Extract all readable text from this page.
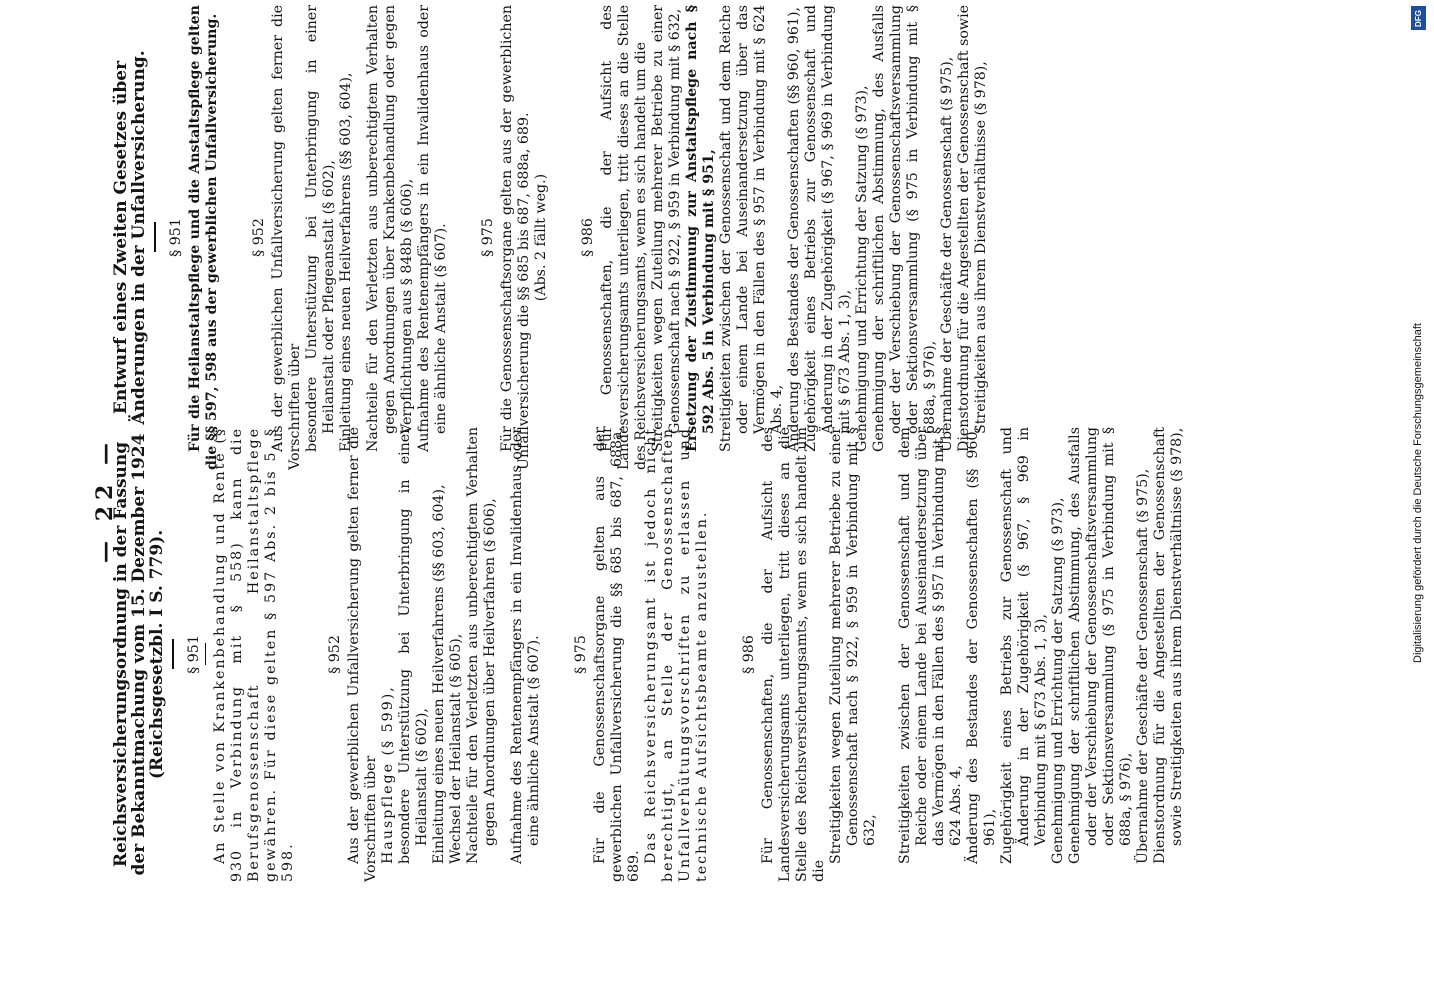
— 22 —
Reichsversicherungsordnung in der Fassung der Bekanntmachung vom 15. Dezember 1924 (Reichsgesetzbl. I S. 779). § 951 An Stelle von Krankenbehandlung und Rente (§ 930 in Verbindung mit § 558) kann die Berufsgenossenschaft Heilanstaltspflege gewähren. Für diese gelten § 597 Abs. 2 bis 5, § 598.

§ 952 Aus der gewerblichen Unfallversicherung gelten ferner die Vorschriften über Hauspflege (§ 599), besondere Unterstützung bei Unterbringung in einer Heilanstalt (§ 602), Einleitung eines neuen Heilverfahrens (§§ 603, 604), Wechsel der Heilanstalt (§ 605), Nachteile für den Verletzten aus unberechtigtem Verhalten gegen Anordnungen über Heilverfahren (§ 606), Aufnahme des Rentenempfängers in ein Invalidenhaus oder eine ähnliche Anstalt (§ 607). § 975 Für die Genossenschaftsorgane gelten aus der gewerblichen Unfallversicherung die §§ 685 bis 687, 688a, 689.

Das Reichsversicherungsamt ist jedoch nicht berechtigt, an Stelle der Genossenschaften Unfallverhütungsvorschriften zu erlassen und technische Aufsichtsbeamte anzustellen. § 986 Für Genossenschaften, die der Aufsicht des Landesversicherungsamts unterliegen, tritt dieses an die Stelle des Reichsversicherungsamts, wenn es sich handelt um die

Streitigkeiten wegen Zuteilung mehrerer Betriebe zu einer Genossenschaft nach § 922, § 959 in Verbindung mit § 632, Streitigkeiten zwischen der Genossenschaft und dem Reiche oder einem Lande bei Auseinandersetzung über das Vermögen in den Fällen des § 957 in Verbindung mit § 624 Abs. 4, Änderung des Bestandes der Genossenschaften (§§ 960, 961), Zugehörigkeit eines Betriebs zur Genossenschaft und Änderung in der Zugehörigkeit (§ 967, § 969 in Verbindung mit § 673 Abs. 1, 3), Genehmigung und Errichtung der Satzung (§ 973), Genehmigung der schriftlichen Abstimmung, des Ausfalls oder der Verschiebung der Genossenschaftsversammlung oder Sektionsversammlung (§ 975 in Verbindung mit § 688a, § 976), Übernahme der Geschäfte der Genossenschaft (§ 975), Dienstordnung für die Angestellten der Genossenschaft sowie Streitigkeiten aus ihrem Dienstverhältnisse (§ 978),

Entwurf eines Zweiten Gesetzes über Änderungen in der Unfallversicherung. § 951 Für die Heilanstaltspflege und die Anstaltspflege gelten die §§ 597, 598 aus der gewerblichen Unfallversicherung. § 952 Aus der gewerblichen Unfallversicherung gelten ferner die Vorschriften über besondere Unterstützung bei Unterbringung in einer Heilanstalt oder Pflegeanstalt (§ 602), Einleitung eines neuen Heilverfahrens (§§ 603, 604), Nachteile für den Verletzten aus unberechtigtem Verhalten gegen Anordnungen über Krankenbehandlung oder gegen Verpflichtungen aus § 848b (§ 606), Aufnahme des Rentenempfängers in ein Invalidenhaus oder eine ähnliche Anstalt (§ 607). § 975 Für die Genossenschaftsorgane gelten aus der gewerblichen Unfallversicherung die §§ 685 bis 687, 688a, 689. (Abs. 2 fällt weg.) § 986 Für Genossenschaften, die der Aufsicht des Landesversicherungsamts unterliegen, tritt dieses an die Stelle des Reichsversicherungsamts, wenn es sich handelt um die Streitigkeiten wegen Zuteilung mehrerer Betriebe zu einer Genossenschaft nach § 922, § 959 in Verbindung mit § 632, Ersetzung der Zustimmung zur Anstaltspflege nach § 592 Abs. 5 in Verbindung mit § 951, Streitigkeiten zwischen der Genossenschaft und dem Reiche oder einem Lande bei Auseinandersetzung über das Vermögen in den Fällen des § 957 in Verbindung mit § 624 Abs. 4, Änderung des Bestandes der Genossenschaften (§§ 960, 961), Zugehörigkeit eines Betriebs zur Genossenschaft und Änderung in der Zugehörigkeit (§ 967, § 969 in Verbindung mit § 673 Abs. 1, 3), Genehmigung und Errichtung der Satzung (§ 973), Genehmigung der schriftlichen Abstimmung, des Ausfalls oder der Verschiebung der Genossenschaftsversammlung oder Sektionsversammlung (§ 975 in Verbindung mit § 688a, § 976), Übernahme der Geschäfte der Genossenschaft (§ 975), Dienstordnung für die Angestellten der Genossenschaft sowie Streitigkeiten aus ihrem Dienstverhältnisse (§ 978),

DFG
Digitalisierung gefördert durch die Deutsche Forschungsgemeinschaft
